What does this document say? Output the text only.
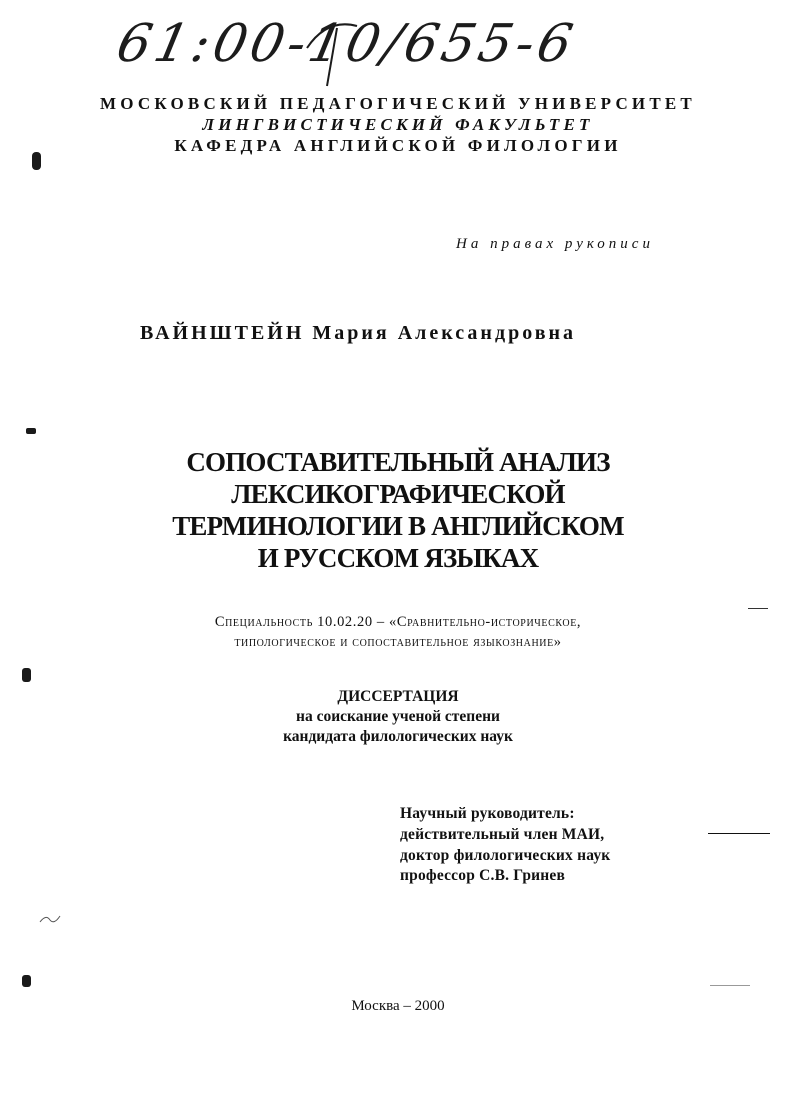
61:00-10/655-6
МОСКОВСКИЙ ПЕДАГОГИЧЕСКИЙ УНИВЕРСИТЕТ
ЛИНГВИСТИЧЕСКИЙ ФАКУЛЬТЕТ
КАФЕДРА АНГЛИЙСКОЙ ФИЛОЛОГИИ
На правах рукописи
ВАЙНШТЕЙН Мария Александровна
СОПОСТАВИТЕЛЬНЫЙ АНАЛИЗ
ЛЕКСИКОГРАФИЧЕСКОЙ
ТЕРМИНОЛОГИИ В АНГЛИЙСКОМ
И РУССКОМ ЯЗЫКАХ
Специальность 10.02.20 – «Сравнительно-историческое,
типологическое и сопоставительное языкознание»
ДИССЕРТАЦИЯ
на соискание ученой степени
кандидата филологических наук
Научный руководитель:
действительный член МАИ,
доктор филологических наук
профессор С.В. Гринев
Москва – 2000
